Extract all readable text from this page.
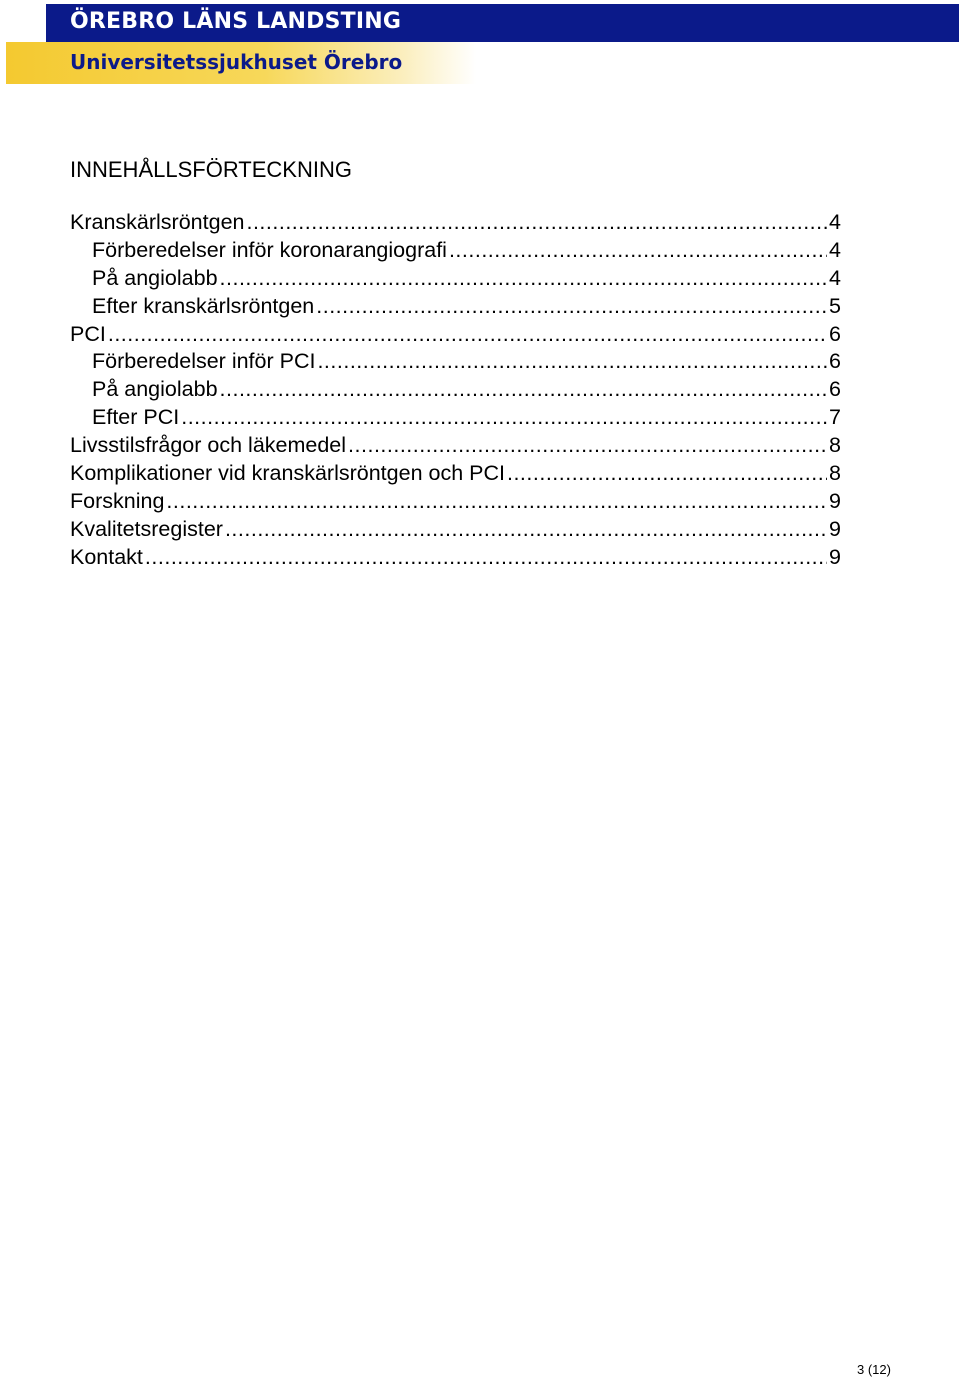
ÖREBRO LÄNS LANDSTING
Universitetssjukhuset Örebro
INNEHÅLLSFÖRTECKNING
Kranskärlsröntgen .....	4
Förberedelser inför koronarangiografi .....	4
På angiolabb .....	4
Efter kranskärlsröntgen .....	5
PCI .....	6
Förberedelser inför PCI .....	6
På angiolabb .....	6
Efter PCI .....	7
Livsstilsfrågor och läkemedel .....	8
Komplikationer vid kranskärlsröntgen och PCI .....	8
Forskning .....	9
Kvalitetsregister .....	9
Kontakt .....	9
3 (12)
